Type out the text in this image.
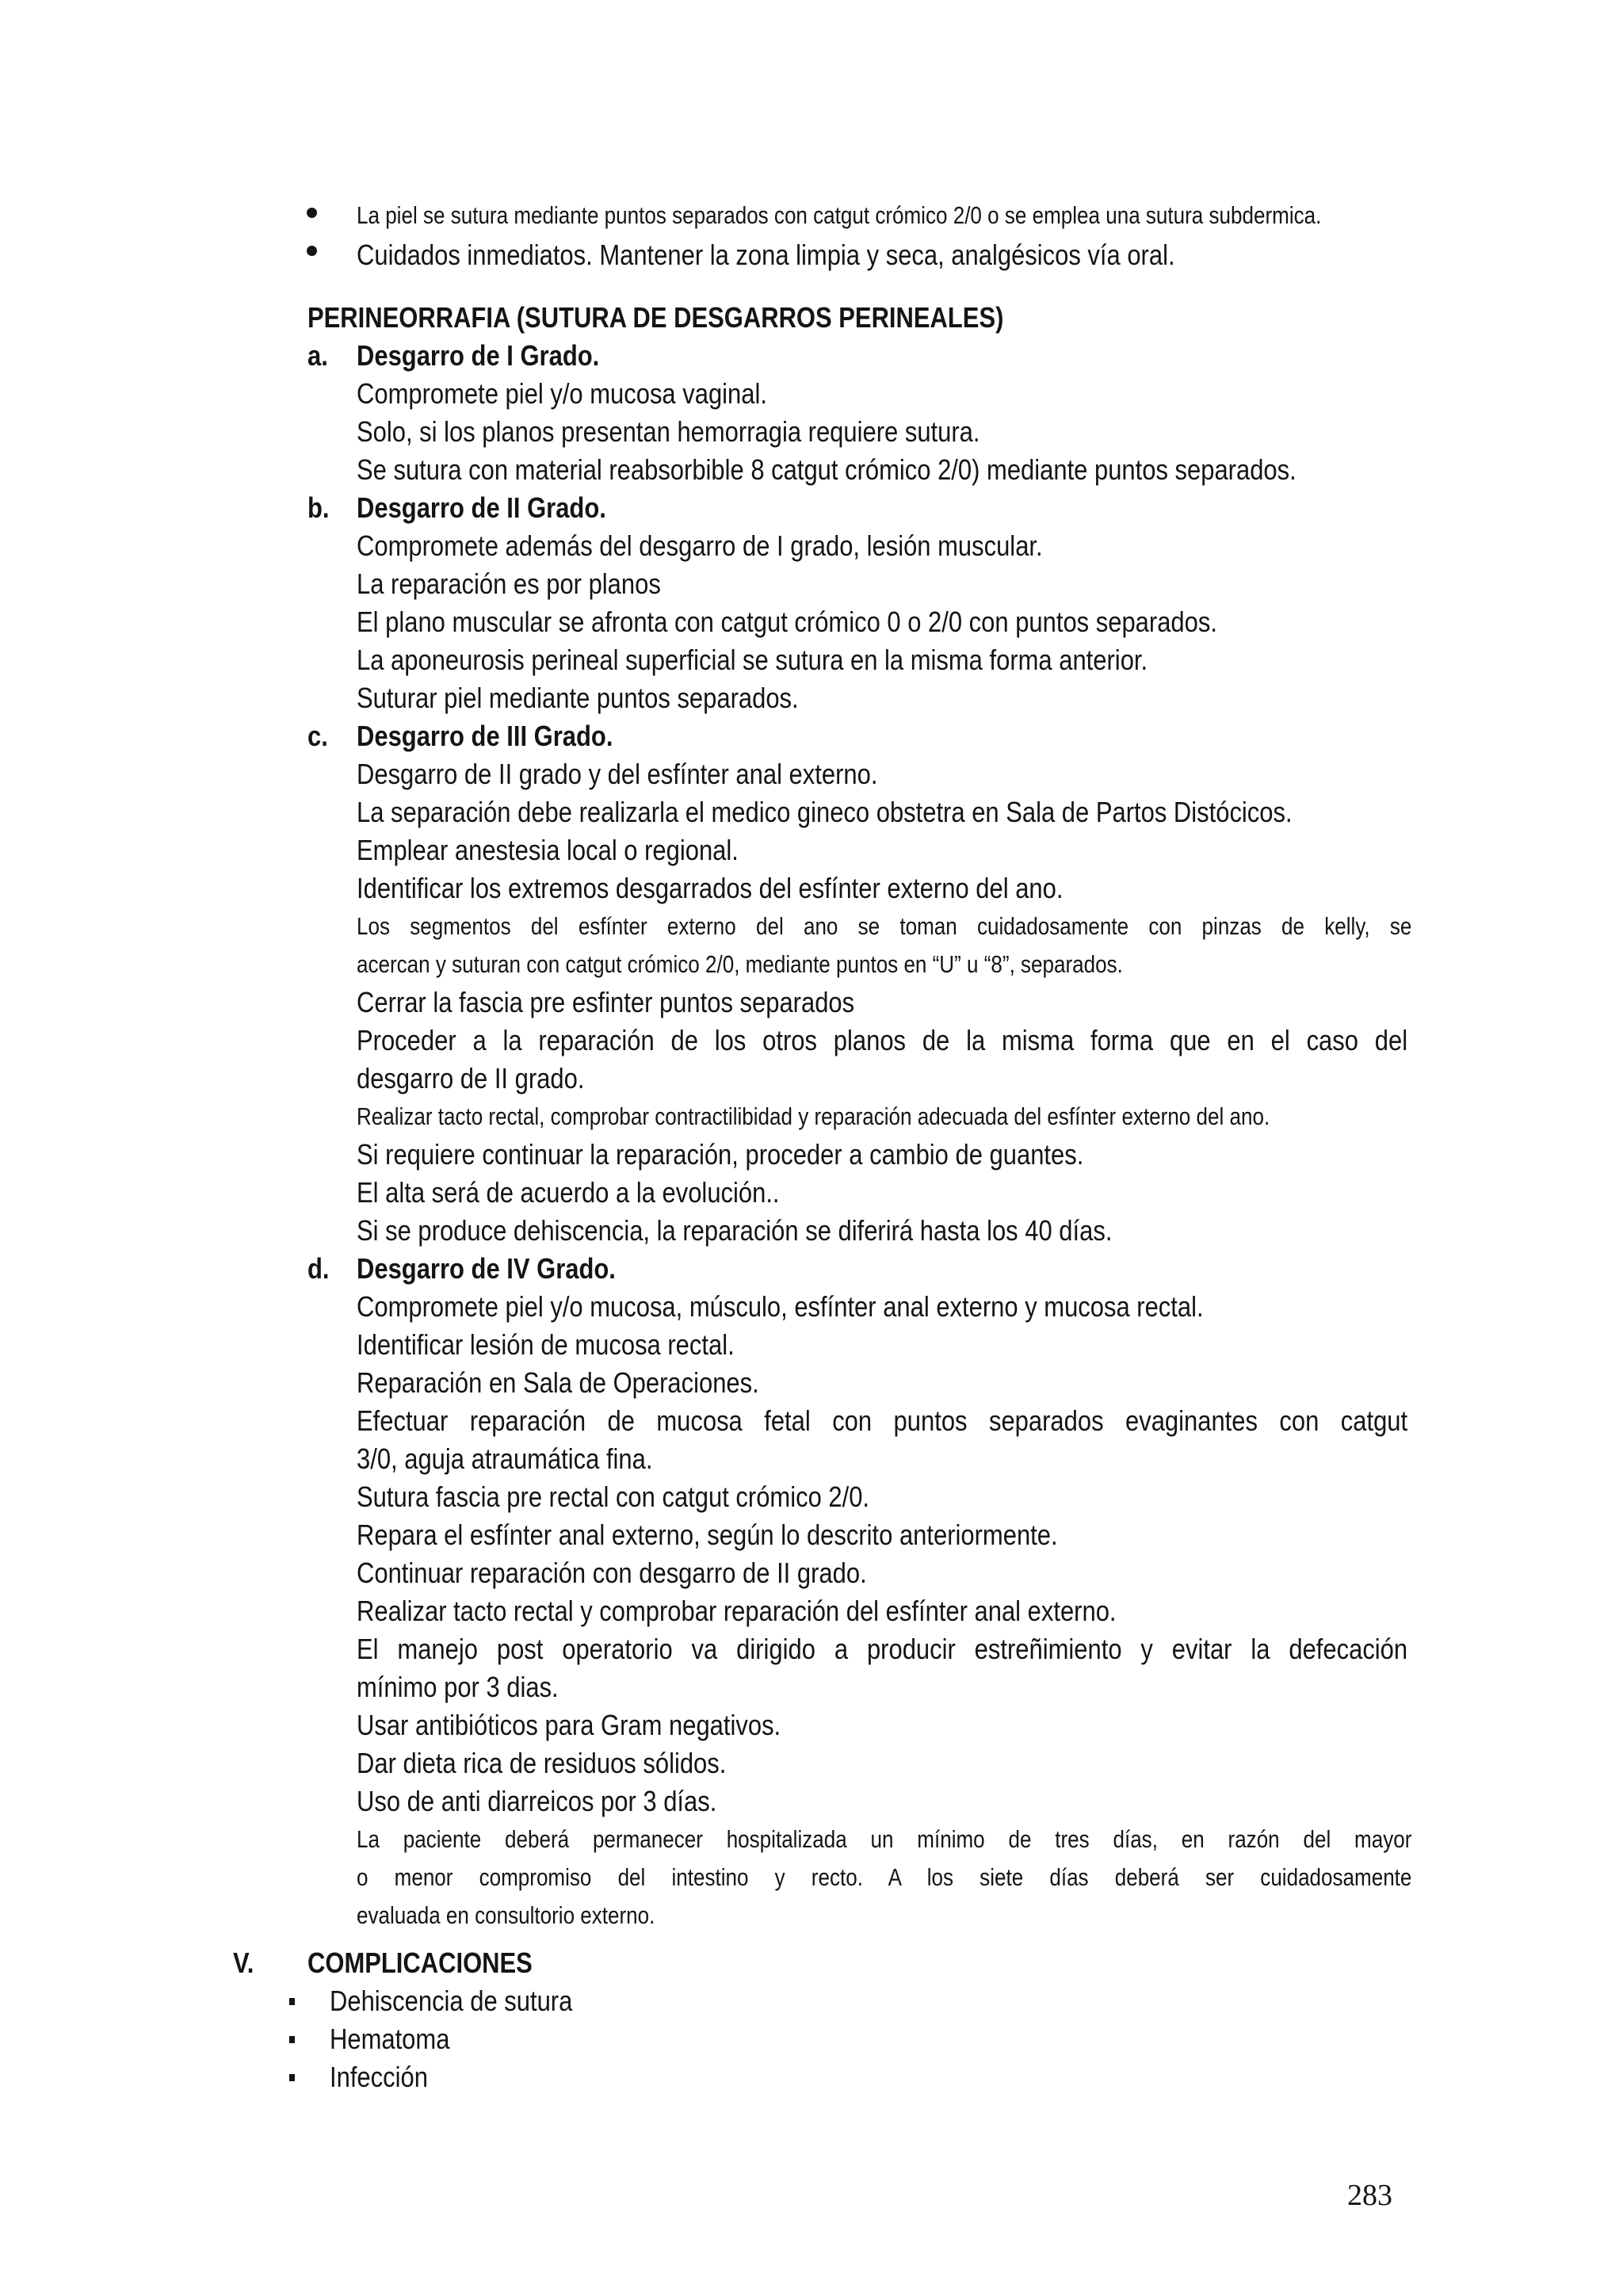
La piel se sutura mediante puntos separados con catgut crómico 2/0 o se emplea una sutura subdermica.
Cuidados inmediatos. Mantener la zona limpia y seca, analgésicos vía oral.
PERINEORRAFIA (SUTURA DE DESGARROS PERINEALES)
a. Desgarro de I Grado.
Compromete piel y/o mucosa vaginal.
Solo, si los planos presentan hemorragia requiere sutura.
Se sutura con material reabsorbible 8 catgut crómico 2/0) mediante puntos separados.
b. Desgarro de II Grado.
Compromete además del desgarro de I grado, lesión muscular.
La reparación es por planos
El plano muscular se afronta con catgut crómico 0 o 2/0 con puntos separados.
La aponeurosis perineal superficial se sutura en la misma forma anterior.
Suturar piel mediante puntos separados.
c. Desgarro de III Grado.
Desgarro de II grado y del esfínter anal externo.
La separación debe realizarla el medico gineco obstetra en Sala de Partos Distócicos.
Emplear anestesia local o regional.
Identificar los extremos desgarrados del esfínter externo del ano.
Los segmentos del esfínter externo del ano se toman cuidadosamente con pinzas de kelly, se
acercan y suturan con catgut crómico 2/0, mediante puntos en “U” u “8”, separados.
Cerrar la fascia pre esfinter puntos separados
Proceder a la reparación de los otros planos de la misma forma que en el caso del
desgarro de II grado.
Realizar tacto rectal, comprobar contractilibidad y reparación adecuada del esfínter externo del ano.
Si requiere continuar la reparación, proceder a cambio de guantes.
El alta será de acuerdo a la evolución..
Si se produce dehiscencia, la reparación se diferirá hasta los 40 días.
d. Desgarro de IV Grado.
Compromete piel y/o mucosa, músculo, esfínter anal externo y mucosa rectal.
Identificar lesión de mucosa rectal.
Reparación en Sala de Operaciones.
Efectuar reparación de mucosa fetal con puntos separados evaginantes con catgut
3/0, aguja atraumática fina.
Sutura fascia pre rectal con catgut crómico 2/0.
Repara el esfínter anal externo, según lo descrito anteriormente.
Continuar reparación con desgarro de II grado.
Realizar tacto rectal y comprobar reparación del esfínter anal externo.
El manejo post operatorio va dirigido a producir estreñimiento y evitar la defecación
mínimo por 3 dias.
Usar antibióticos para Gram negativos.
Dar dieta rica de residuos sólidos.
Uso de anti diarreicos por 3 días.
La paciente deberá permanecer hospitalizada un mínimo de tres días, en razón del mayor
o menor compromiso del intestino y recto. A los siete días deberá ser cuidadosamente
evaluada en consultorio externo.
V. COMPLICACIONES
Dehiscencia de sutura
Hematoma
Infección
283
